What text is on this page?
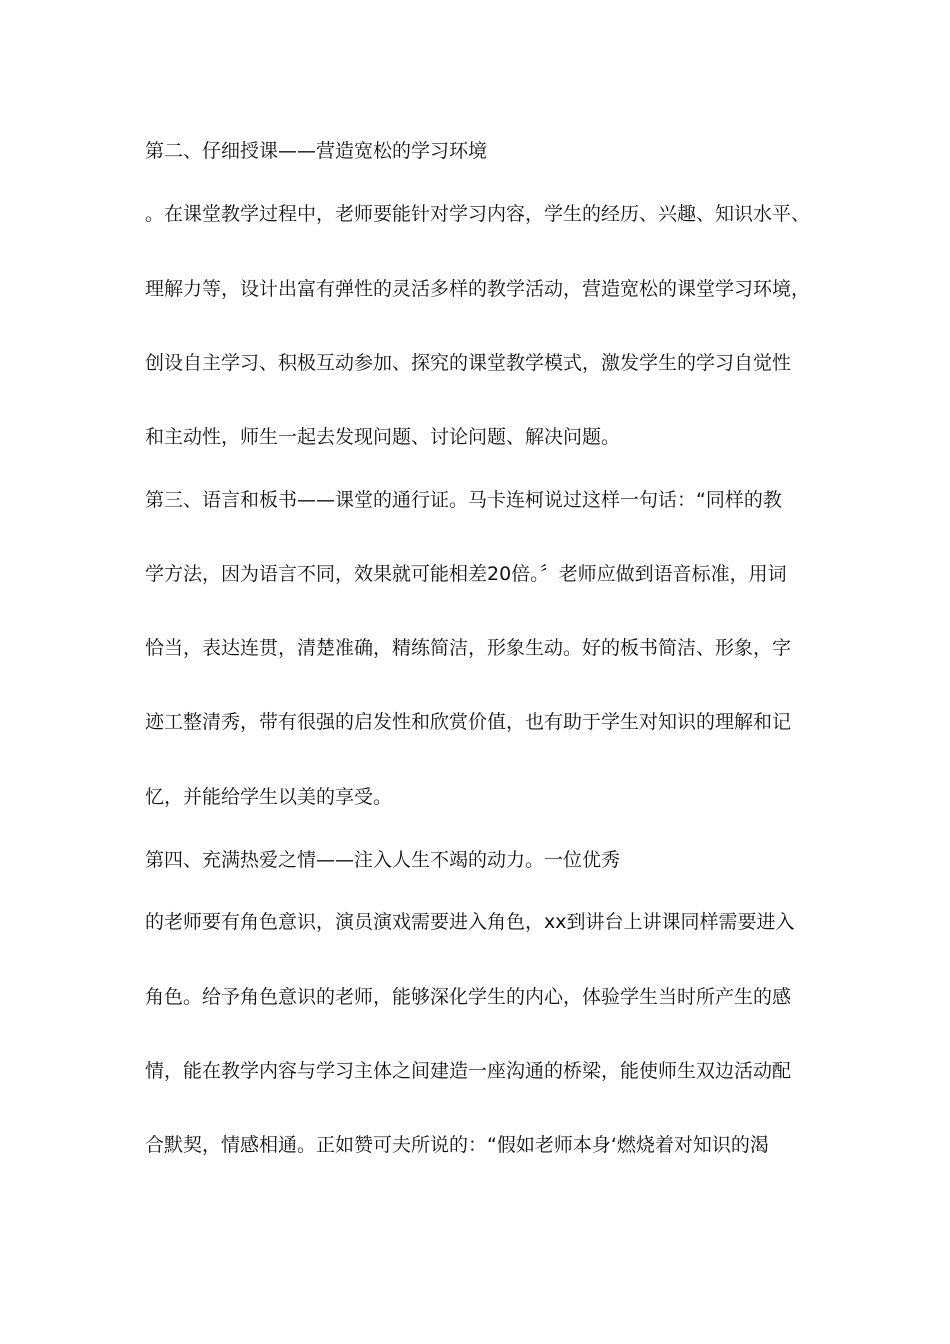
第二、仔细授课——营造宽松的学习环境
。在课堂教学过程中，老师要能针对学习内容，学生的经历、兴趣、知识水平、
理解力等，设计出富有弹性的灵活多样的教学活动，营造宽松的课堂学习环境，
创设自主学习、积极互动参加、探究的课堂教学模式，激发学生的学习自觉性
和主动性，师生一起去发现问题、讨论问题、解决问题。
第三、语言和板书——课堂的通行证。马卡连柯说过这样一句话：“同样的教
学方法，因为语言不同，效果就可能相差20倍。〞老师应做到语音标准，用词
恰当，表达连贯，清楚准确，精练简洁，形象生动。好的板书简洁、形象，字
迹工整清秀，带有很强的启发性和欣赏价值，也有助于学生对知识的理解和记
忆，并能给学生以美的享受。
第四、充满热爱之情——注入人生不竭的动力。一位优秀
的老师要有角色意识，演员演戏需要进入角色，xx到讲台上讲课同样需要进入
角色。给予角色意识的老师，能够深化学生的内心，体验学生当时所产生的感
情，能在教学内容与学习主体之间建造一座沟通的桥梁，能使师生双边活动配
合默契，情感相通。正如赞可夫所说的：“假如老师本身‘燃烧着对知识的渴
